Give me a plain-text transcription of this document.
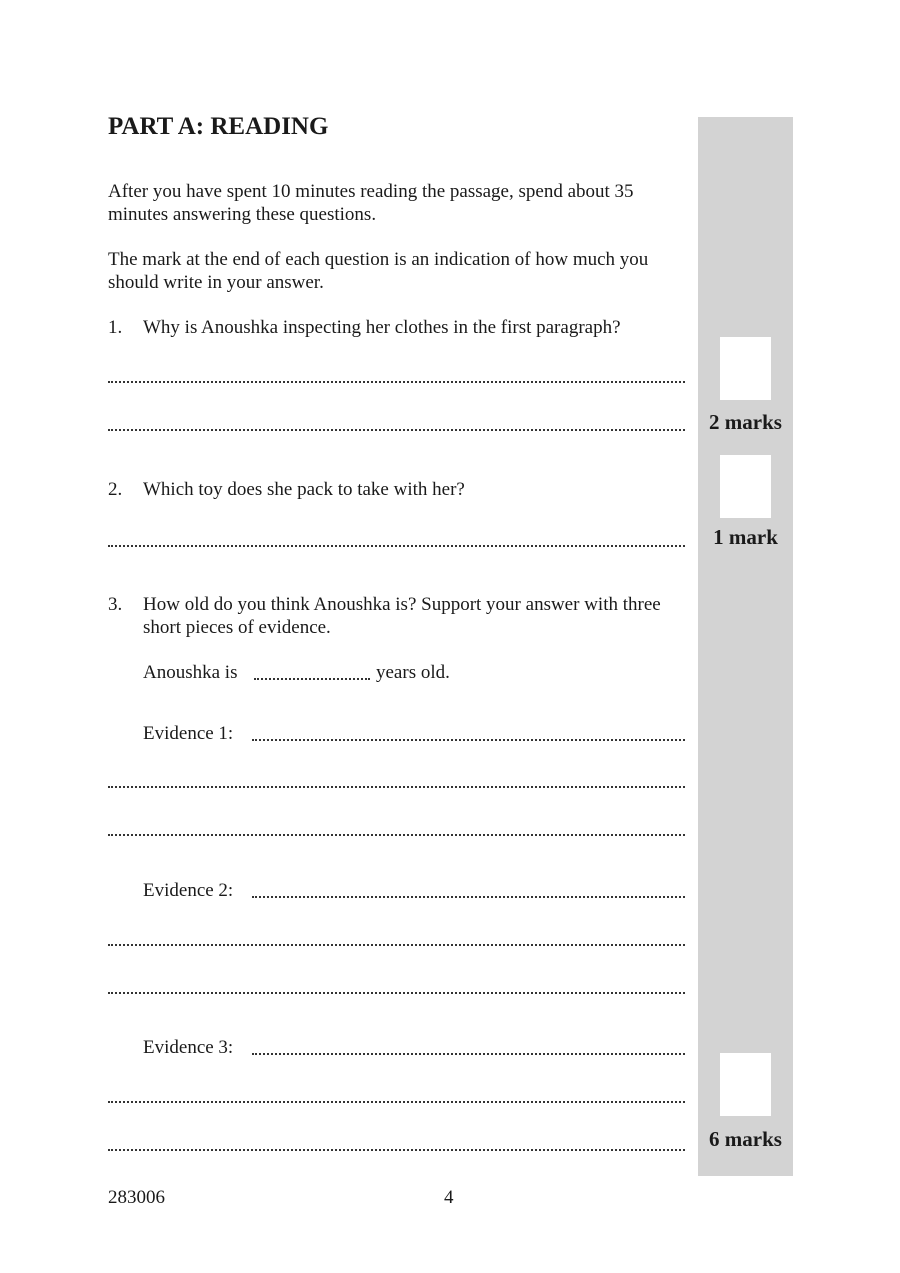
2 marks
1 mark
6 marks
PART A: READING

After you have spent 10 minutes reading the passage, spend about 35 minutes answering these questions.

The mark at the end of each question is an indication of how much you should write in your answer.

1. Why is Anoushka inspecting her clothes in the first paragraph?
2. Which toy does she pack to take with her?
3. How old do you think Anoushka is? Support your answer with three short pieces of evidence.
Anoushka is	years old.
Evidence 1:
Evidence 2:
Evidence 3:
283006	4
